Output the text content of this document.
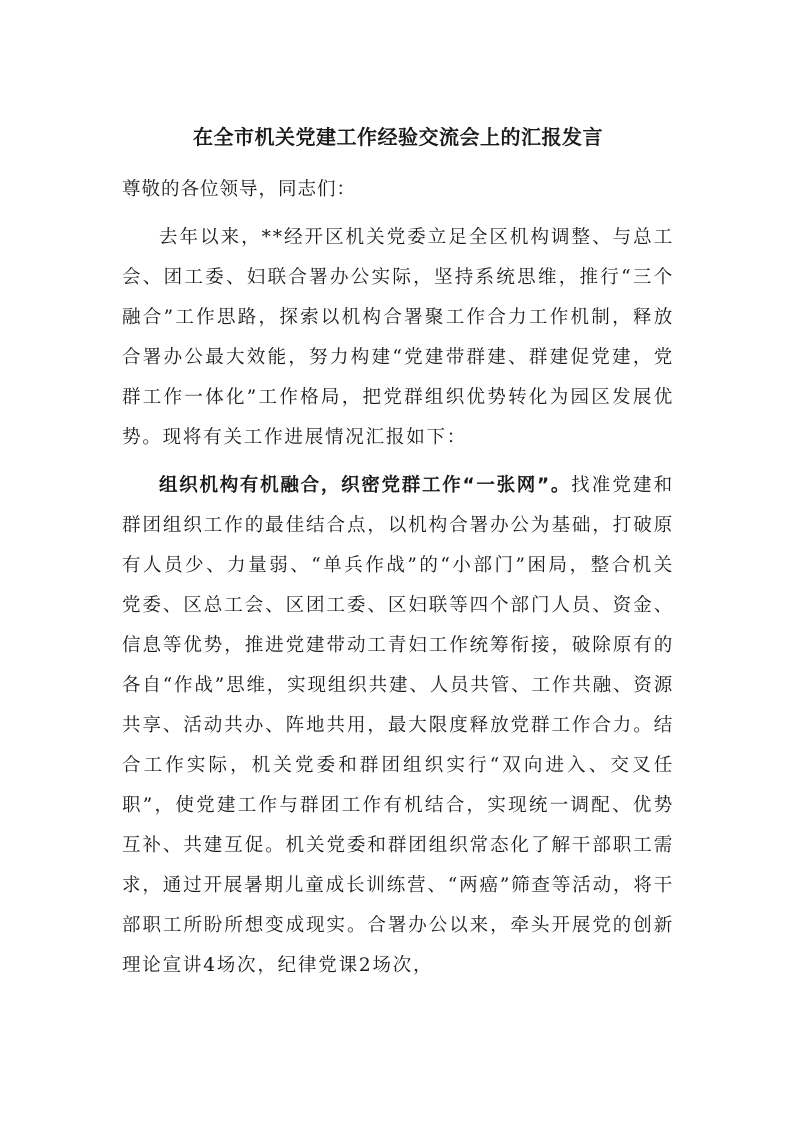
在全市机关党建工作经验交流会上的汇报发言

尊敬的各位领导，同志们：

去年以来，**经开区机关党委立足全区机构调整、与总工会、团工委、妇联合署办公实际，坚持系统思维，推行“三个融合”工作思路，探索以机构合署聚工作合力工作机制，释放合署办公最大效能，努力构建“党建带群建、群建促党建，党群工作一体化”工作格局，把党群组织优势转化为园区发展优势。现将有关工作进展情况汇报如下：

组织机构有机融合，织密党群工作“一张网”。找准党建和群团组织工作的最佳结合点，以机构合署办公为基础，打破原有人员少、力量弱、“单兵作战”的“小部门”困局，整合机关党委、区总工会、区团工委、区妇联等四个部门人员、资金、信息等优势，推进党建带动工青妇工作统筹衔接，破除原有的各自“作战”思维，实现组织共建、人员共管、工作共融、资源共享、活动共办、阵地共用，最大限度释放党群工作合力。结合工作实际，机关党委和群团组织实行“双向进入、交叉任职”，使党建工作与群团工作有机结合，实现统一调配、优势互补、共建互促。机关党委和群团组织常态化了解干部职工需求，通过开展暑期儿童成长训练营、“两癌”筛查等活动，将干部职工所盼所想变成现实。合署办公以来，牵头开展党的创新理论宣讲4场次，纪律党课2场次，
